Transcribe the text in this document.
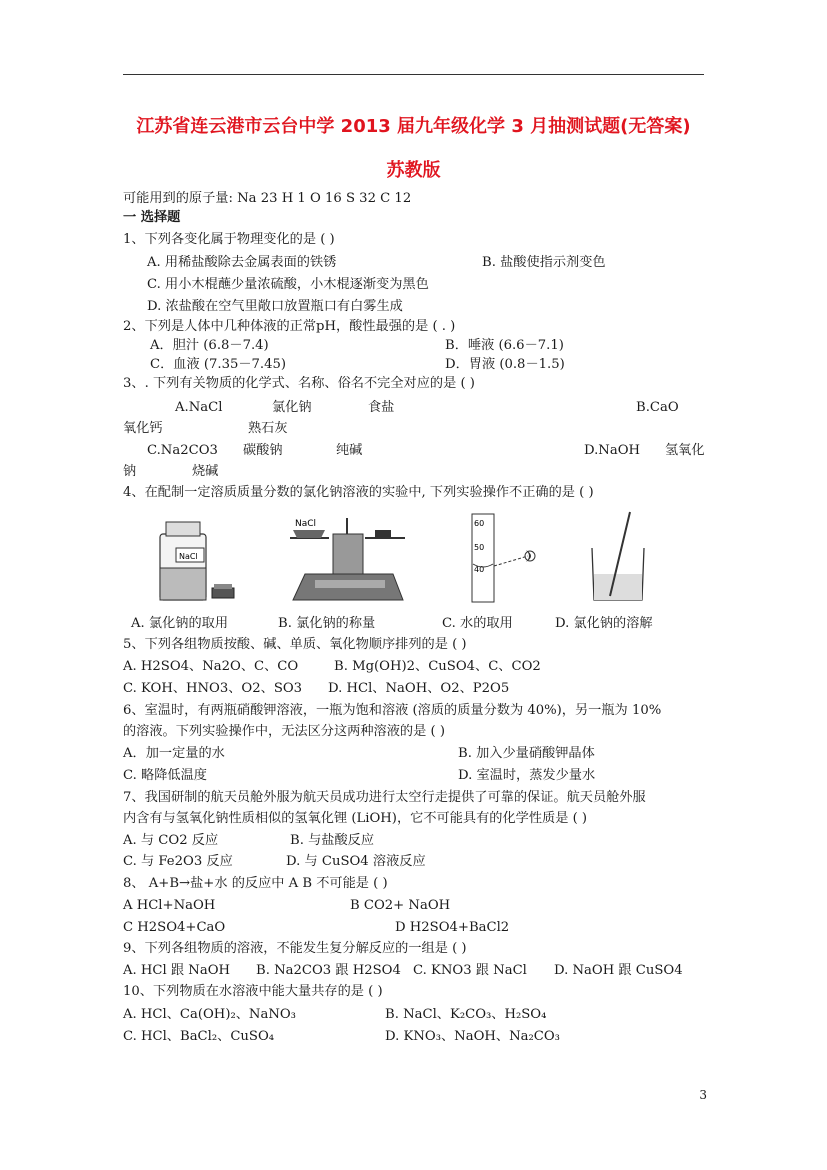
江苏省连云港市云台中学 2013 届九年级化学 3 月抽测试题(无答案)
苏教版
可能用到的原子量: Na 23 H 1 O 16 S 32 C 12
一 选择题
1、下列各变化属于物理变化的是 ( )
A. 用稀盐酸除去金属表面的铁锈	B. 盐酸使指示剂变色
C. 用小木棍蘸少量浓硫酸，小木棍逐渐变为黑色
D. 浓盐酸在空气里敞口放置瓶口有白雾生成
2、下列是人体中几种体液的正常pH，酸性最强的是 ( . )
A．胆汁 (6.8－7.4)	B．唾液 (6.6－7.1)
C．血液 (7.35－7.45)	D．胃液 (0.8－1.5)
3、. 下列有关物质的化学式、名称、俗名不完全对应的是 ( )
A.NaCl	氯化钠	食盐	B.CaO
氧化钙	熟石灰
C.Na2CO3 碳酸钠	纯碱	D.NaOH 氢氧化
钠	烧碱
4、在配制一定溶质质量分数的氯化钠溶液的实验中, 下列实验操作不正确的是 ( )
NaCl
NaCl	60
50
40
A. 氯化钠的取用	B. 氯化钠的称量	C. 水的取用	D. 氯化钠的溶解
5、下列各组物质按酸、碱、单质、氧化物顺序排列的是 ( )
A. H2SO4、Na2O、C、CO	B. Mg(OH)2、CuSO4、C、CO2
C. KOH、HNO3、O2、SO3 D. HCl、NaOH、O2、P2O5
6、室温时，有两瓶硝酸钾溶液，一瓶为饱和溶液 (溶质的质量分数为 40%)，另一瓶为 10%
的溶液。下列实验操作中，无法区分这两种溶液的是 ( )
A．加一定量的水	B. 加入少量硝酸钾晶体
C. 略降低温度	D. 室温时，蒸发少量水
7、我国研制的航天员舱外服为航天员成功进行太空行走提供了可靠的保证。航天员舱外服
内含有与氢氧化钠性质相似的氢氧化锂 (LiOH)，它不可能具有的化学性质是 ( )
A. 与 CO2 反应	B. 与盐酸反应
C. 与 Fe2O3 反应	D. 与 CuSO4 溶液反应
8、 A+B→盐+水 的反应中 A B 不可能是 ( )
A HCl+NaOH	B CO2+ NaOH
C H2SO4+CaO	D H2SO4+BaCl2
9、下列各组物质的溶液，不能发生复分解反应的一组是 ( )
A. HCl 跟 NaOH B. Na2CO3 跟 H2SO4 C. KNO3 跟 NaCl D. NaOH 跟 CuSO4
10、下列物质在水溶液中能大量共存的是 ( )
A. HCl、Ca(OH)₂、NaNO₃	B. NaCl、K₂CO₃、H₂SO₄
C. HCl、BaCl₂、CuSO₄	D. KNO₃、NaOH、Na₂CO₃
3
